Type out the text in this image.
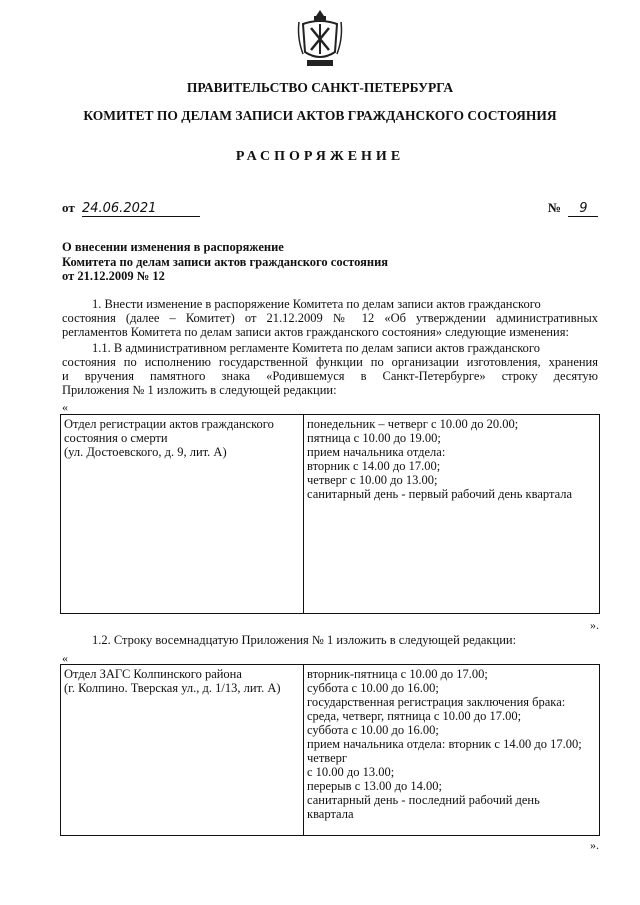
ПРАВИТЕЛЬСТВО САНКТ-ПЕТЕРБУРГА
КОМИТЕТ ПО ДЕЛАМ ЗАПИСИ АКТОВ ГРАЖДАНСКОГО СОСТОЯНИЯ
РАСПОРЯЖЕНИЕ
от 24.06.2021	№ 9
О внесении изменения в распоряжение
Комитета по делам записи актов гражданского состояния
от 21.12.2009 № 12
1. Внести изменение в распоряжение Комитета по делам записи актов гражданского
состояния (далее – Комитет) от 21.12.2009 № 12 «Об утверждении административных
регламентов Комитета по делам записи актов гражданского состояния» следующие изменения:
1.1. В административном регламенте Комитета по делам записи актов гражданского
состояния по исполнению государственной функции по организации изготовления, хранения
и вручения памятного знака «Родившемуся в Санкт-Петербурге» строку десятую
Приложения № 1 изложить в следующей редакции:
«
Отдел регистрации актов гражданского
состояния о смерти
(ул. Достоевского, д. 9, лит. А)

понедельник – четверг с 10.00 до 20.00;
пятница с 10.00 до 19.00;
прием начальника отдела:
вторник с 14.00 до 17.00;
четверг с 10.00 до 13.00;
санитарный день - первый рабочий день квартала
».
1.2. Строку восемнадцатую Приложения № 1 изложить в следующей редакции:
«
Отдел ЗАГС Колпинского района
(г. Колпино. Тверская ул., д. 1/13, лит. А)

вторник-пятница с 10.00 до 17.00;
суббота с 10.00 до 16.00;
государственная регистрация заключения брака:
среда, четверг, пятница с 10.00 до 17.00;
суббота с 10.00 до 16.00;
прием начальника отдела: вторник с 14.00 до 17.00;
четверг
с 10.00 до 13.00;
перерыв с 13.00 до 14.00;
санитарный день - последний рабочий день
квартала
».
